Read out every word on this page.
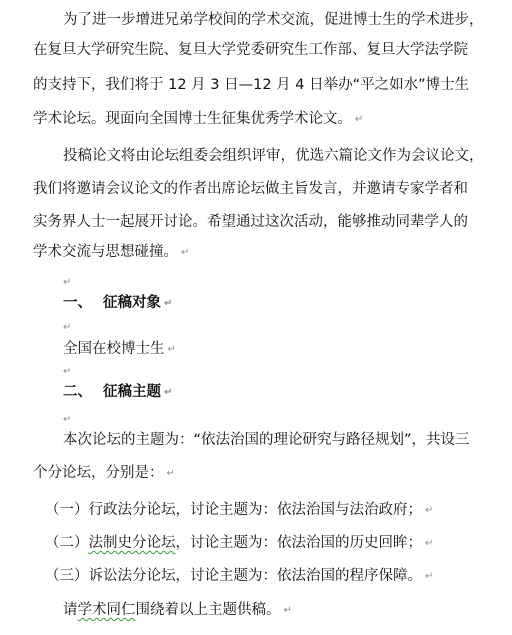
为了进一步增进兄弟学校间的学术交流，促进博士生的学术进步，
在复旦大学研究生院、复旦大学党委研究生工作部、复旦大学法学院
的支持下，我们将于 12 月 3 日—12 月 4 日举办“平之如水”博士生
学术论坛。现面向全国博士生征集优秀学术论文。 ↵
投稿论文将由论坛组委会组织评审，优选六篇论文作为会议论文，
我们将邀请会议论文的作者出席论坛做主旨发言，并邀请专家学者和
实务界人士一起展开讨论。希望通过这次活动，能够推动同辈学人的
学术交流与思想碰撞。 ↵
↵
一、 征稿对象 ↵
↵
全国在校博士生 ↵
↵
二、 征稿主题 ↵
↵
本次论坛的主题为：“依法治国的理论研究与路径规划”，共设三
个分论坛，分别是： ↵
（一）行政法分论坛，讨论主题为：依法治国与法治政府； ↵
（二）法制史分论坛，讨论主题为：依法治国的历史回眸； ↵
（三）诉讼法分论坛，讨论主题为：依法治国的程序保障。 ↵
请学术同仁围绕着以上主题供稿。 ↵
